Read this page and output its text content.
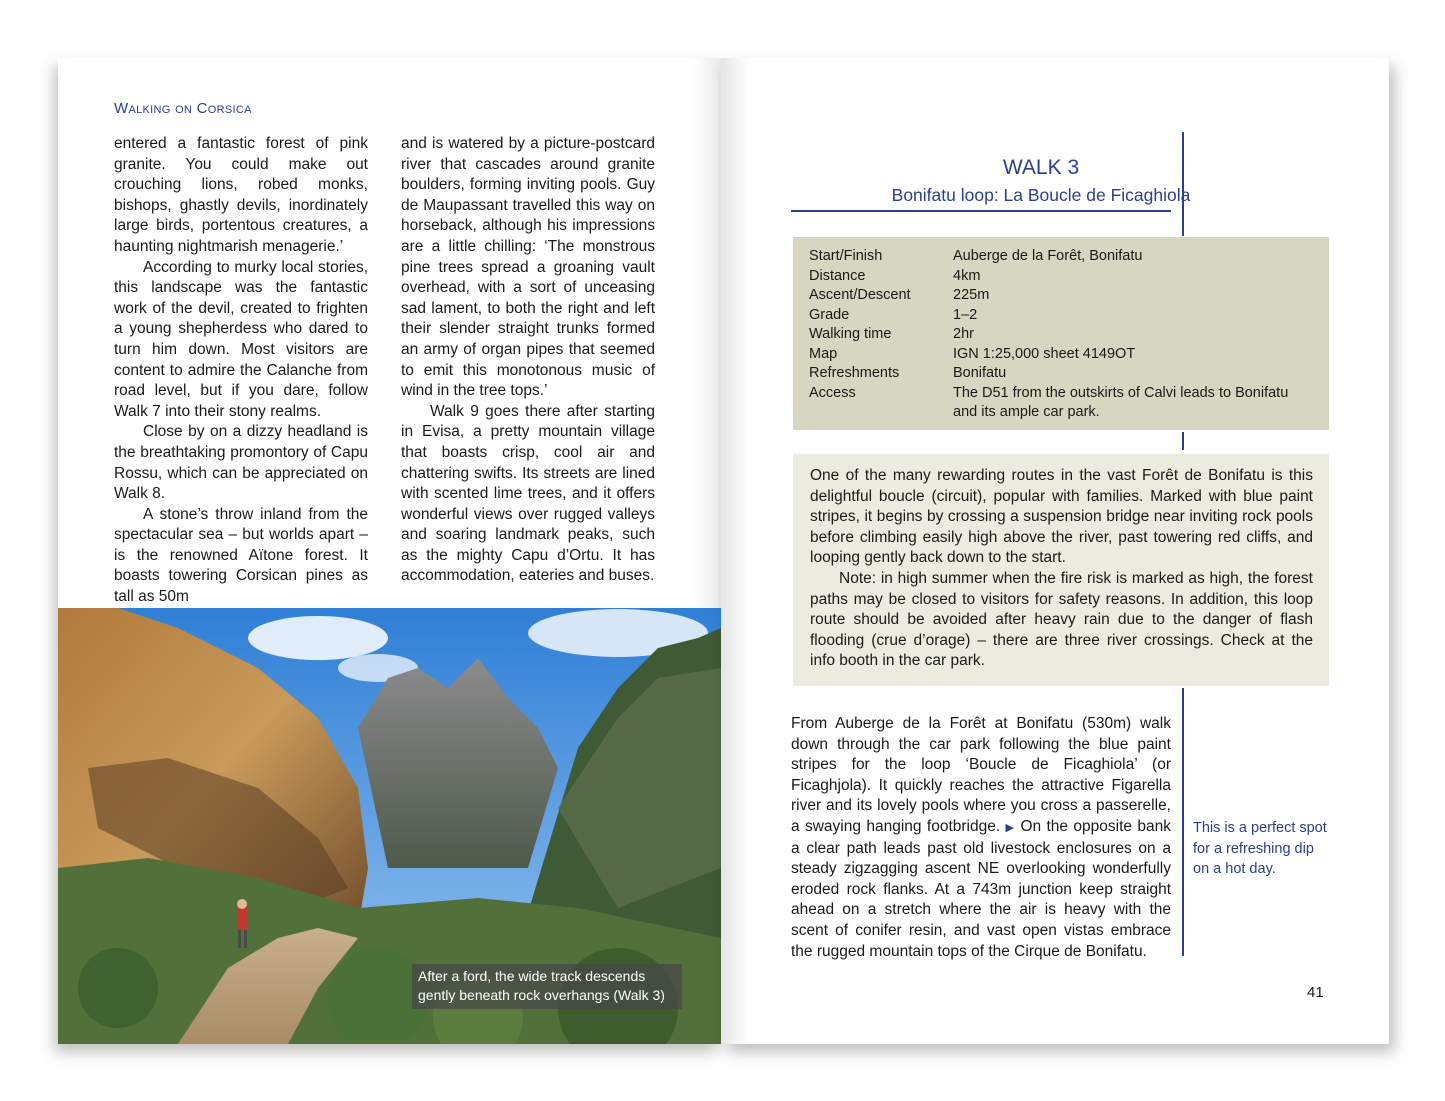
Walking on Corsica

entered a fantastic forest of pink granite. You could make out crouching lions, robed monks, bishops, ghastly devils, inordinately large birds, portentous creatures, a haunting nightmarish menagerie.’

According to murky local stories, this landscape was the fantastic work of the devil, created to frighten a young shepherdess who dared to turn him down. Most visitors are content to admire the Calanche from road level, but if you dare, follow Walk 7 into their stony realms.

Close by on a dizzy headland is the breathtaking promontory of Capu Rossu, which can be appreciated on Walk 8.

A stone’s throw inland from the spectacular sea – but worlds apart – is the renowned Aïtone forest. It boasts towering Corsican pines as tall as 50m

and is watered by a picture-postcard river that cascades around granite boulders, forming inviting pools. Guy de Maupassant travelled this way on horseback, although his impressions are a little chilling: ‘The monstrous pine trees spread a groaning vault overhead, with a sort of unceasing sad lament, to both the right and left their slender straight trunks formed an army of organ pipes that seemed to emit this monotonous music of wind in the tree tops.’

Walk 9 goes there after starting in Evisa, a pretty mountain village that boasts crisp, cool air and chattering swifts. Its streets are lined with scented lime trees, and it offers wonderful views over rugged valleys and soaring landmark peaks, such as the mighty Capu d’Ortu. It has accommodation, eateries and buses.

After a ford, the wide track descends gently beneath rock overhangs (Walk 3)
WALK 3
Bonifatu loop: La Boucle de Ficaghiola
Start/Finish	Auberge de la Forêt, Bonifatu
Distance	4km
Ascent/Descent	225m
Grade	1–2
Walking time	2hr
Map	IGN 1:25,000 sheet 4149OT
Refreshments	Bonifatu
Access	The D51 from the outskirts of Calvi leads to Bonifatu and its ample car park.

One of the many rewarding routes in the vast Forêt de Bonifatu is this delightful boucle (circuit), popular with families. Marked with blue paint stripes, it begins by crossing a suspension bridge near inviting rock pools before climbing easily high above the river, past towering red cliffs, and looping gently back down to the start.

Note: in high summer when the fire risk is marked as high, the forest paths may be closed to visitors for safety reasons. In addition, this loop route should be avoided after heavy rain due to the danger of flash flooding (crue d’orage) – there are three river crossings. Check at the info booth in the car park.

From Auberge de la Forêt at Bonifatu (530m) walk down through the car park following the blue paint stripes for the loop ‘Boucle de Ficaghiola’ (or Ficaghjola). It quickly reaches the attractive Figarella river and its lovely pools where you cross a passerelle, a swaying hanging footbridge. ▶ On the opposite bank a clear path leads past old livestock enclosures on a steady zigzagging ascent NE overlooking wonderfully eroded rock flanks. At a 743m junction keep straight ahead on a stretch where the air is heavy with the scent of conifer resin, and vast open vistas embrace the rugged mountain tops of the Cirque de Bonifatu.

This is a perfect spot for a refreshing dip on a hot day.
41
